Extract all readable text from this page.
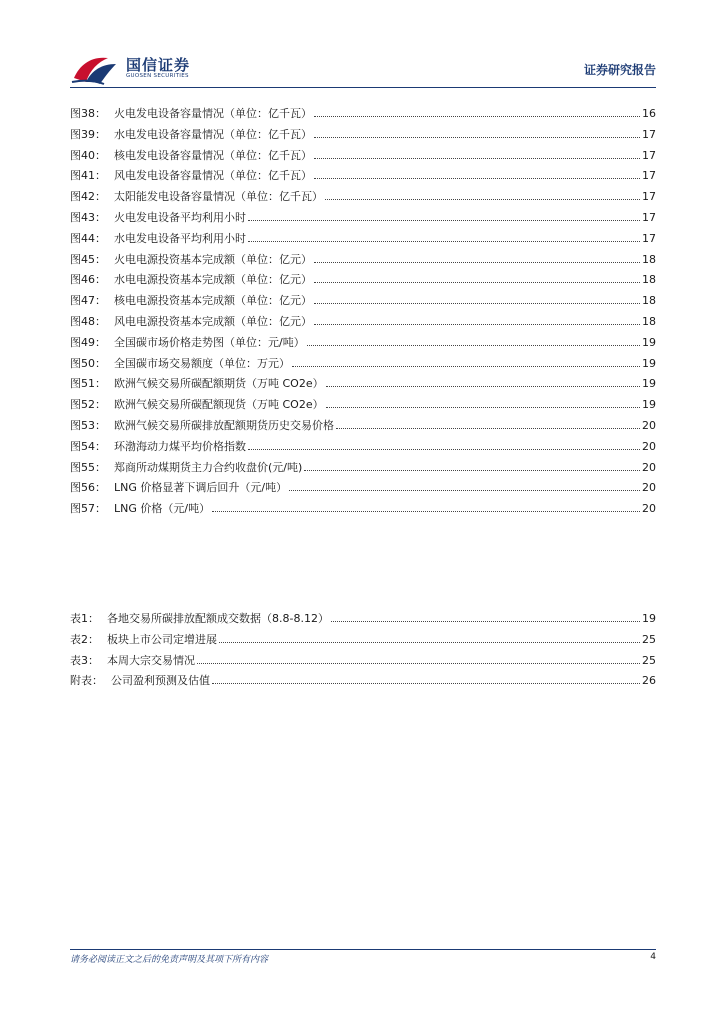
国信证券
GUOSEN SECURITIES	证券研究报告
图38 ： 火电发电设备容量情况（单位：亿千瓦）	16
图39 ： 水电发电设备容量情况（单位：亿千瓦）	17
图40 ： 核电发电设备容量情况（单位：亿千瓦）	17
图41 ： 风电发电设备容量情况（单位：亿千瓦）	17
图42 ： 太阳能发电设备容量情况（单位：亿千瓦）	17
图43 ： 火电发电设备平均利用小时	17
图44 ： 水电发电设备平均利用小时	17
图45 ： 火电电源投资基本完成额（单位：亿元）	18
图46 ： 水电电源投资基本完成额（单位：亿元）	18
图47 ： 核电电源投资基本完成额（单位：亿元）	18
图48 ： 风电电源投资基本完成额（单位：亿元）	18
图49 ： 全国碳市场价格走势图（单位：元/吨）	19
图50 ： 全国碳市场交易额度（单位：万元）	19
图51 ： 欧洲气候交易所碳配额期货（万吨 CO2e）	19
图52 ： 欧洲气候交易所碳配额现货（万吨 CO2e）	19
图53 ： 欧洲气候交易所碳排放配额期货历史交易价格	20
图54 ： 环渤海动力煤平均价格指数	20
图55 ： 郑商所动煤期货主力合约收盘价(元/吨)	20
图56 ： LNG 价格显著下调后回升（元/吨）	20
图57 ： LNG 价格（元/吨）	20
表1 ： 各地交易所碳排放配额成交数据（8.8-8.12）	19
表2 ： 板块上市公司定增进展	25
表3 ： 本周大宗交易情况	25
附表 ： 公司盈利预测及估值	26
请务必阅读正文之后的免责声明及其项下所有内容	4
